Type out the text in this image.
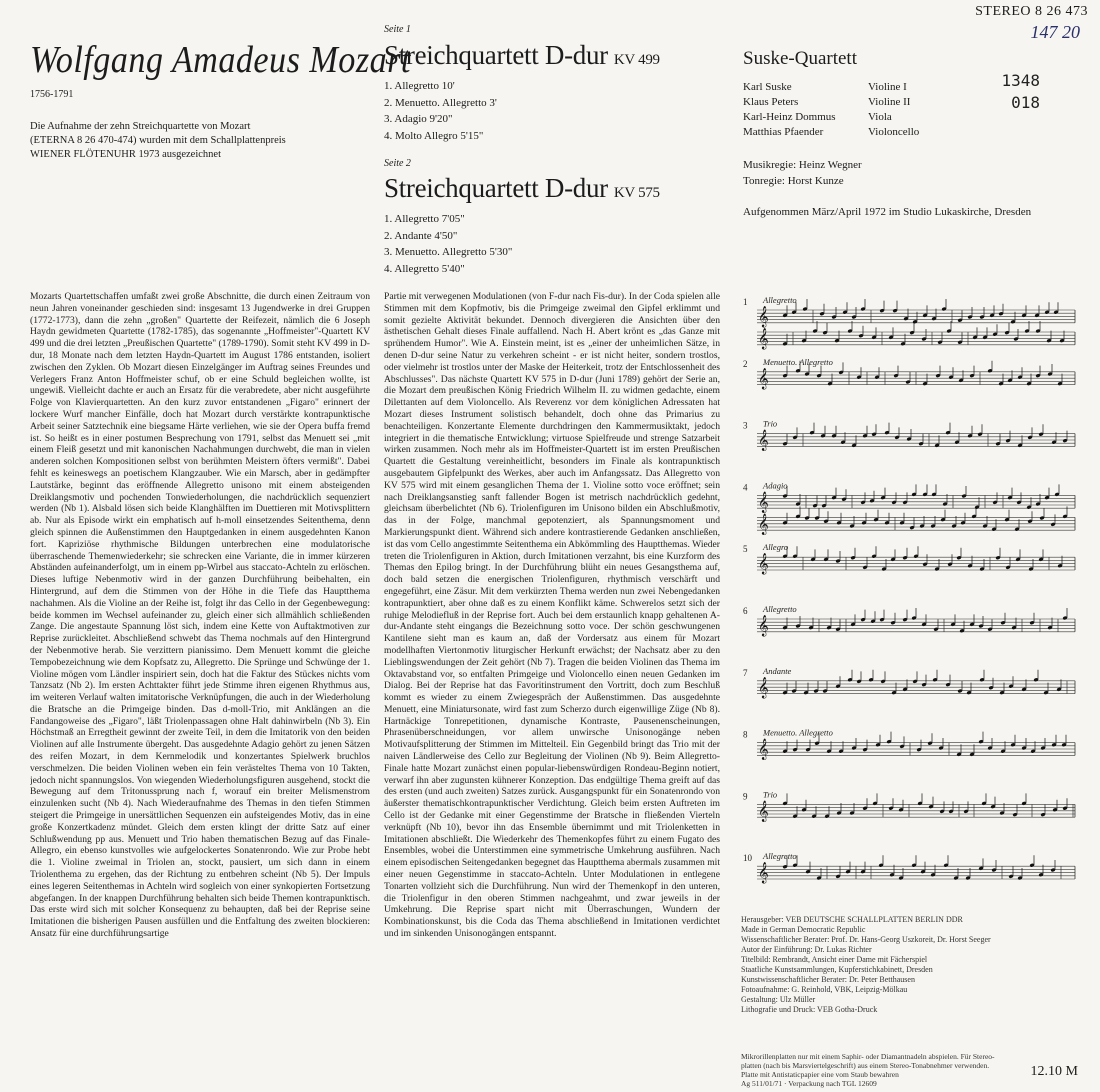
Wolfgang Amadeus Mozart
1756-1791
Die Aufnahme der zehn Streichquartette von Mozart
(ETERNA 8 26 470-474) wurden mit dem Schallplattenpreis
WIENER FLÖTENUHR 1973 ausgezeichnet
Seite 1
Streichquartett D-dur KV 499
1. Allegretto 10'
2. Menuetto. Allegretto 3'
3. Adagio 9'20"
4. Molto Allegro 5'15"
Seite 2
Streichquartett D-dur KV 575
1. Allegretto 7'05"
2. Andante 4'50"
3. Menuetto. Allegretto 5'30"
4. Allegretto 5'40"
STEREO 8 26 473
147 20
1348
018
Suske-Quartett
Karl Suske	Violine I
Klaus Peters	Violine II
Karl-Heinz Dommus	Viola
Matthias Pfaender	Violoncello
Musikregie: Heinz Wegner
Tonregie: Horst Kunze
Aufgenommen März/April 1972 im Studio Lukaskirche, Dresden
Mozarts Quartettschaffen umfaßt zwei große Abschnitte, die durch einen Zeitraum von neun Jahren voneinander geschieden sind: insgesamt 13 Jugendwerke in drei Gruppen (1772-1773), dann die zehn „großen" Quartette der Reifezeit, nämlich die 6 Joseph Haydn gewidmeten Quartette (1782-1785), das sogenannte „Hoffmeister"-Quartett KV 499 und die drei letzten „Preußischen Quartette" (1789-1790). Somit steht KV 499 in D-dur, 18 Monate nach dem letzten Haydn-Quartett im August 1786 entstanden, isoliert zwischen den Zyklen. Ob Mozart diesen Einzelgänger im Auftrag seines Freundes und Verlegers Franz Anton Hoffmeister schuf, ob er eine Schuld begleichen wollte, ist ungewiß. Vielleicht dachte er auch an Ersatz für die verabredete, aber nicht ausgeführte Folge von Klavierquartetten. An den kurz zuvor entstandenen „Figaro" erinnert der lockere Wurf mancher Einfälle, doch hat Mozart durch verstärkte kontrapunktische Arbeit seiner Satztechnik eine biegsame Härte verliehen, wie sie der Opera buffa fremd ist. So heißt es in einer postumen Besprechung von 1791, selbst das Menuett sei „mit einem Fleiß gesetzt und mit kanonischen Nachahmungen durchwebt, die man in vielen anderen solchen Kompositionen selbst von berühmten Meistern öfters vermißt". Dabei fehlt es keineswegs an poetischem Klangzauber. Wie ein Marsch, aber in gedämpfter Lautstärke, beginnt das eröffnende Allegretto unisono mit einem absteigenden Dreiklangsmotiv und pochenden Tonwiederholungen, die nachdrücklich sequenziert werden (Nb 1). Alsbald lösen sich beide Klanghälften im Duettieren mit Motivsplittern ab. Nur als Episode wirkt ein emphatisch auf h-moll einsetzendes Seitenthema, denn gleich spinnen die Außenstimmen den Hauptgedanken in einem ausgedehnten Kanon fort. Kapriziöse rhythmische Bildungen unterbrechen eine modulatorische überraschende Themenwiederkehr; sie schrecken eine Variante, die in immer kürzeren Abständen aufeinanderfolgt, um in einem pp-Wirbel aus staccato-Achteln zu erlöschen. Dieses luftige Nebenmotiv wird in der ganzen Durchführung beibehalten, ein Hintergrund, auf dem die Stimmen von der Höhe in die Tiefe das Hauptthema nachahmen. Als die Violine an der Reihe ist, folgt ihr das Cello in der Gegenbewegung: beide kommen im Wechsel aufeinander zu, gleich einer sich allmählich schließenden Zange. Die angestaute Spannung löst sich, indem eine Kette von Auftaktmotiven zur Reprise zurückleitet. Abschließend schwebt das Thema nochmals auf den Hintergrund der Nebenmotive herab. Sie verzittern pianissimo. Dem Menuett kommt die gleiche Tempobezeichnung wie dem Kopfsatz zu, Allegretto. Die Sprünge und Schwünge der 1. Violine mögen vom Ländler inspiriert sein, doch hat die Faktur des Stückes nichts vom Tanzsatz (Nb 2). Im ersten Achttakter führt jede Stimme ihren eigenen Rhythmus aus, im weiteren Verlauf walten imitatorische Verknüpfungen, die auch in der Wiederholung die Bratsche an die Primgeige binden. Das d-moll-Trio, mit Anklängen an die Fandangoweise des „Figaro", läßt Triolenpassagen ohne Halt dahinwirbeln (Nb 3). Ein Höchstmaß an Erregtheit gewinnt der zweite Teil, in dem die Imitatorik von den beiden Violinen auf alle Instrumente übergeht. Das ausgedehnte Adagio gehört zu jenen Sätzen des reifen Mozart, in dem Kernmelodik und konzertantes Spielwerk bruchlos verschmelzen. Die beiden Violinen weben ein fein verästeltes Thema von 10 Takten, jedoch nicht spannungslos. Von wiegenden Wiederholungsfiguren ausgehend, stockt die Bewegung auf dem Tritonussprung nach f, worauf ein breiter Melismenstrom einzulenken sucht (Nb 4). Nach Wiederaufnahme des Themas in den tiefen Stimmen steigert die Primgeige in unersättlichen Sequenzen ein aufsteigendes Motiv, das in eine große Konzertkadenz mündet. Gleich dem ersten klingt der dritte Satz auf einer Schlußwendung pp aus. Menuett und Trio haben thematischen Bezug auf das Finale-Allegro, ein ebenso kunstvolles wie aufgelockertes Sonatenrondo. Wie zur Probe hebt die 1. Violine zweimal in Triolen an, stockt, pausiert, um sich dann in einem Triolenthema zu ergehen, das der Richtung zu entbehren scheint (Nb 5). Der Impuls eines legeren Seitenthemas in Achteln wird sogleich von einer synkopierten Fortsetzung abgefangen. In der knappen Durchführung behalten sich beide Themen kontrapunktisch. Das erste wird sich mit solcher Konsequenz zu behaupten, daß bei der Reprise seine Imitationen die bisherigen Pausen ausfüllen und die Entfaltung des zweiten blockieren: Ansatz für eine durchführungsartige
Partie mit verwegenen Modulationen (von F-dur nach Fis-dur). In der Coda spielen alle Stimmen mit dem Kopfmotiv, bis die Primgeige zweimal den Gipfel erklimmt und somit gezielte Aktivität bekundet. Dennoch divergieren die Ansichten über den ästhetischen Gehalt dieses Finale auffallend. Nach H. Abert krönt es „das Ganze mit sprühendem Humor". Wie A. Einstein meint, ist es „einer der unheimlichen Sätze, in denen D-dur seine Natur zu verkehren scheint - er ist nicht heiter, sondern trostlos, oder vielmehr ist trostlos unter der Maske der Heiterkeit, trotz der Entschlossenheit des Abschlusses". Das nächste Quartett KV 575 in D-dur (Juni 1789) gehört der Serie an, die Mozart dem preußischen König Friedrich Wilhelm II. zu widmen gedachte, einem Dilettanten auf dem Violoncello. Als Reverenz vor dem königlichen Adressaten hat Mozart dieses Instrument solistisch behandelt, doch ohne das Primarius zu benachteiligen. Konzertante Elemente durchdringen den Kammermusiktakt, jedoch integriert in die thematische Entwicklung; virtuose Spielfreude und strenge Satzarbeit wirken zusammen. Noch mehr als im Hoffmeister-Quartett ist im ersten Preußischen Quartett die Gestaltung vereinheitlicht, besonders im Finale als kontrapunktisch ausgebautem Gipfelpunkt des Werkes, aber auch im Anfangssatz. Das Allegretto von KV 575 wird mit einem gesanglichen Thema der 1. Violine sotto voce eröffnet; sein nach Dreiklangsanstieg sanft fallender Bogen ist metrisch nachdrücklich gedehnt, gleichsam überbelichtet (Nb 6). Triolenfiguren im Unisono bilden ein Abschlußmotiv, das in der Folge, manchmal gepotenziert, als Spannungsmoment und Markierungspunkt dient. Während sich andere kontrastierende Gedanken anschließen, ist das vom Cello angestimmte Seitenthema ein Abkömmling des Hauptthemas. Wieder treten die Triolenfiguren in Aktion, durch Imitationen verzahnt, bis eine Kurzform des Themas den Epilog bringt. In der Durchführung blüht ein neues Gesangsthema auf, doch bald setzen die energischen Triolenfiguren, rhythmisch verschärft und engegeführt, eine Zäsur. Mit dem verkürzten Thema werden nun zwei Nebengedanken kontrapunktiert, aber ohne daß es zu einem Konflikt käme. Schwerelos setzt sich der ruhige Melodiefluß in der Reprise fort. Auch bei dem erstaunlich knapp gehaltenen A-dur-Andante steht eingangs die Bezeichnung sotto voce. Der schön geschwungenen Kantilene sieht man es kaum an, daß der Vordersatz aus einem für Mozart modellhaften Viertonmotiv liturgischer Herkunft erwächst; der Nachsatz aber zu den Lieblingswendungen der Zeit gehört (Nb 7). Tragen die beiden Violinen das Thema im Oktavabstand vor, so entfalten Primgeige und Violoncello einen neuen Gedanken im Dialog. Bei der Reprise hat das Favoritinstrument den Vortritt, doch zum Beschluß kommt es wieder zu einem Zwiegespräch der Außenstimmen. Das ausgedehnte Menuett, eine Miniatursonate, wird fast zum Scherzo durch eigenwillige Züge (Nb 8). Hartnäckige Tonrepetitionen, dynamische Kontraste, Pausenenscheinungen, Phrasenüberschneidungen, vor allem unwirsche Unisonogänge neben Motivaufsplitterung der Stimmen im Mittelteil. Ein Gegenbild bringt das Trio mit der naiven Ländlerweise des Cello zur Begleitung der Violinen (Nb 9). Beim Allegretto-Finale hatte Mozart zunächst einen popular-liebenswürdigen Rondeau-Beginn notiert, verwarf ihn aber zugunsten kühnerer Konzeption. Das endgültige Thema greift auf das des ersten (und auch zweiten) Satzes zurück. Ausgangspunkt für ein Sonatenrondo von äußerster thematischkontrapunktischer Verdichtung. Gleich beim ersten Auftreten im Cello ist der Gedanke mit einer Gegenstimme der Bratsche in fließenden Vierteln verknüpft (Nb 10), bevor ihn das Ensemble übernimmt und mit Triolenketten in Imitationen abschließt. Die Wiederkehr des Themenkopfes führt zu einem Fugato des Ensembles, wobei die Unterstimmen eine symmetrische Umkehrung ausführen. Nach einem episodischen Seitengedanken begegnet das Hauptthema abermals zusammen mit einer neuen Gegenstimme in staccato-Achteln. Unter Modulationen in entlegene Tonarten vollzieht sich die Durchführung. Nun wird der Themenkopf in den unteren, die Triolenfigur in den oberen Stimmen nachgeahmt, und zwar jeweils in der Umkehrung. Die Reprise spart nicht mit Überraschungen, Wundern der Kombinationskunst, bis die Coda das Thema abschließend in Imitationen verdichtet und im sinkenden Unisonogängen entspannt.
1 Allegretto
𝄞
𝄞
2 Menuetto. Allegretto
𝄞
3 Trio
𝄞
4 Adagio
𝄞
𝄞
5 Allegro
𝄞
6 Allegretto
𝄞
7 Andante
𝄞
8 Menuetto. Allegretto
𝄞
9 Trio
𝄞
10 Allegretto
𝄞
Herausgeber: VEB DEUTSCHE SCHALLPLATTEN BERLIN DDR
Made in German Democratic Republic
Wissenschaftlicher Berater: Prof. Dr. Hans-Georg Uszkoreit, Dr. Horst Seeger
Autor der Einführung: Dr. Lukas Richter
Titelbild: Rembrandt, Ansicht einer Dame mit Fächerspiel
Staatliche Kunstsammlungen, Kupferstichkabinett, Dresden
Kunstwissenschaftlicher Berater: Dr. Peter Betthausen
Fotoaufnahme: G. Reinhold, VBK, Leipzig-Mölkau
Gestaltung: Ulz Müller
Lithografie und Druck: VEB Gotha-Druck
Mikrorillenplatten nur mit einem Saphir- oder Diamantnadeln abspielen. Für Stereo-
platten (nach bis Marsviertelgeschrift) aus einem Stereo-Tonabnehmer verwenden.
Platte mit Antistaticpapier eine vom Staub bewahren
Ag 511/01/71 · Verpackung nach TGL 12609
12.10 M
